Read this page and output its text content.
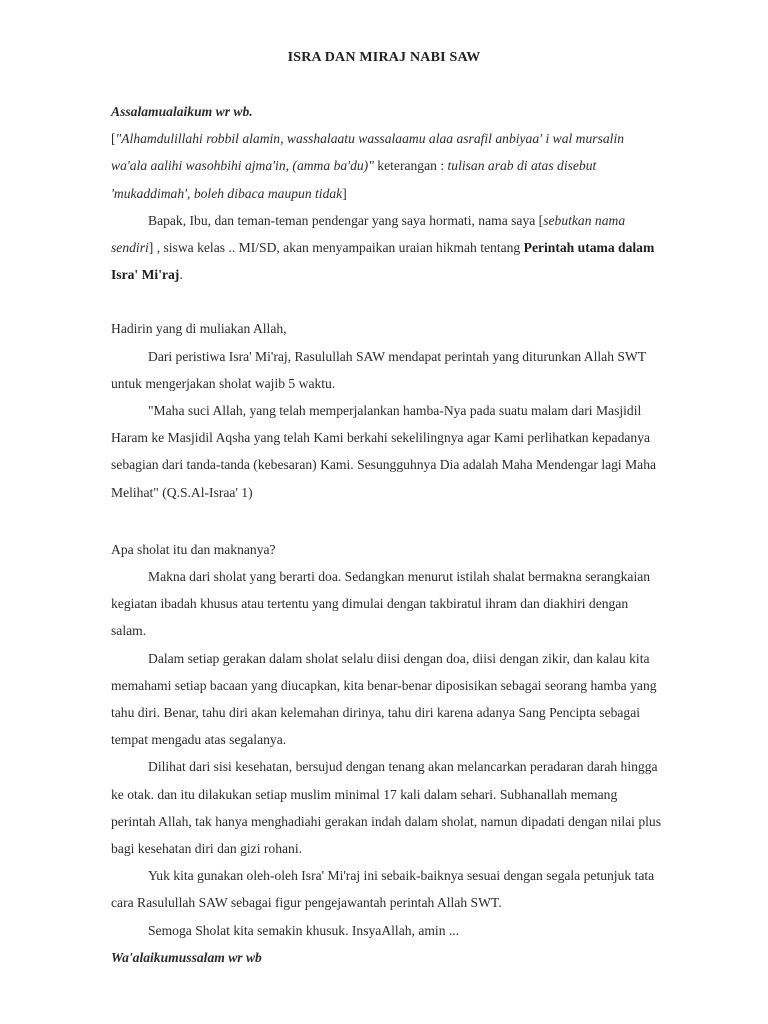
ISRA DAN MIRAJ NABI SAW

Assalamualaikum wr wb.

["Alhamdulillahi robbil alamin, wasshalaatu wassalaamu alaa asrafil anbiyaa' i wal mursalin wa'ala aalihi wasohbihi ajma'in, (amma ba'du)" keterangan : tulisan arab di atas disebut 'mukaddimah', boleh dibaca maupun tidak]

Bapak, Ibu, dan teman-teman pendengar yang saya hormati, nama saya [sebutkan nama sendiri] , siswa kelas .. MI/SD, akan menyampaikan uraian hikmah tentang Perintah utama dalam Isra' Mi'raj.

Hadirin yang di muliakan Allah,

Dari peristiwa Isra' Mi'raj, Rasulullah SAW mendapat perintah yang diturunkan Allah SWT untuk mengerjakan sholat wajib 5 waktu.

"Maha suci Allah, yang telah memperjalankan hamba-Nya pada suatu malam dari Masjidil Haram ke Masjidil Aqsha yang telah Kami berkahi sekelilingnya agar Kami perlihatkan kepadanya sebagian dari tanda-tanda (kebesaran) Kami. Sesungguhnya Dia adalah Maha Mendengar lagi Maha Melihat" (Q.S.Al-Israa' 1)

Apa sholat itu dan maknanya?

Makna dari sholat yang berarti doa. Sedangkan menurut istilah shalat bermakna serangkaian kegiatan ibadah khusus atau tertentu yang dimulai dengan takbiratul ihram dan diakhiri dengan salam.

Dalam setiap gerakan dalam sholat selalu diisi dengan doa, diisi dengan zikir, dan kalau kita memahami setiap bacaan yang diucapkan, kita benar-benar diposisikan sebagai seorang hamba yang tahu diri. Benar, tahu diri akan kelemahan dirinya, tahu diri karena adanya Sang Pencipta sebagai tempat mengadu atas segalanya.

Dilihat dari sisi kesehatan, bersujud dengan tenang akan melancarkan peradaran darah hingga ke otak. dan itu dilakukan setiap muslim minimal 17 kali dalam sehari. Subhanallah memang perintah Allah, tak hanya menghadiahi gerakan indah dalam sholat, namun dipadati dengan nilai plus bagi kesehatan diri dan gizi rohani.

Yuk kita gunakan oleh-oleh Isra' Mi'raj ini sebaik-baiknya sesuai dengan segala petunjuk tata cara Rasulullah SAW sebagai figur pengejawantah perintah Allah SWT.

Semoga Sholat kita semakin khusuk. InsyaAllah, amin ...

Wa'alaikumussalam wr wb
